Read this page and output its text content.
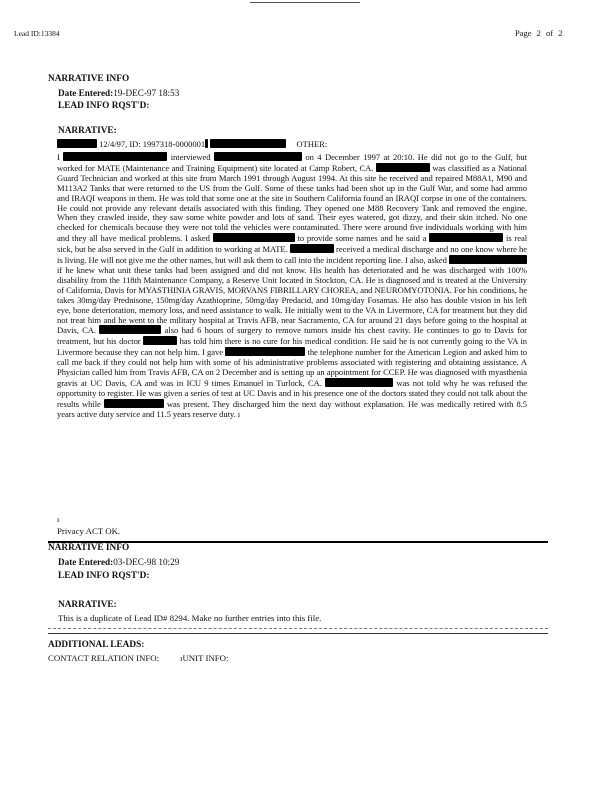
Lead ID:13384	Page 2 of 2
NARRATIVE INFO
Date Entered:19-DEC-97 18:53
LEAD INFO RQST'D:
NARRATIVE:
12/4/97, ID: 1997318-0000001	OTHER:
I	interviewed	on 4 December 1997 at 20:10. He did not go to the Gulf, but worked for MATE (Maintenance and Training Equipment) site located at Camp Robert, CA.	was classified as a National Guard Technician and worked at this site from March 1991 through August 1994. At this site he received and repaired M88A1, M90 and M113A2 Tanks that were returned to the US from the Gulf. Some of these tanks had been shot up in the Gulf War, and some had ammo and IRAQI weapons in them. He was told that some one at the site in Southern California found an IRAQI corpse in one of the containers. He could not provide any relevant details associated with this finding. They opened one M88 Recovery Tank and removed the engine. When they crawled inside, they saw some white powder and lots of sand. Their eyes watered, got dizzy, and their skin itched. No one checked for chemicals because they were not told the vehicles were contaminated. There were around five individuals working with him and they all have medical problems. I asked	to provide some names and he said a	is real sick, but he also served in the Gulf in addition to working at MATE.	received a medical discharge and no one know where he is living. He will not give me the other names, but will ask them to call into the incident reporting line. I also, asked  if he knew what unit these tanks had been assigned and did not know. His health has deteriorated and he was discharged with 100% disability from the 118th Maintenance Company, a Reserve Unit located in Stockton, CA. He is diagnosed and is treated at the University of California, Davis for MYASTHINIA GRAVIS, MORVANS FIBRILLARY CHOREA, and NEUROMYOTONIA. For his conditions, he takes 30mg/day Prednisone, 150mg/day Azathioprine, 50mg/day Predacid, and 10mg/day Fosamas. He also has double vision in his left eye, bone deterioration, memory loss, and need assistance to walk. He initially went to the VA in Livermore, CA for treatment but they did not treat him and he went to the military hospital at Travis AFB, near Sacramento, CA for around 21 days before going to the hospital at Davis, CA.	also had 6 hours of surgery to remove tumors inside his chest cavity. He continues to go to Davis for treatment, but his doctor	has told him there is no cure for his medical condition. He said he is not currently going to the VA in Livermore because they can not help him. I gave	the telephone number for the American Legion and asked him to call me back if they could not help him with some of his administrative problems associated with registering and obtaining assistance. A Physician called him from Travis AFB, CA on 2 December and is setting up an appointment for CCEP. He was diagnosed with myasthenia gravis at UC Davis, CA and was in ICU 9 times Emanuel in Turlock, CA.	was not told why he was refused the opportunity to register. He was given a series of test at UC Davis and in his presence one of the doctors stated they could not talk about the results while	was present. They discharged him the next day without explanation. He was medically retired with 8.5 years active duty service and 11.5 years reserve duty. ı
ı
Privacy ACT OK.
NARRATIVE INFO
Date Entered:03-DEC-98 10:29
LEAD INFO RQST'D:
NARRATIVE:
This is a duplicate of Lead ID# 8294. Make no further entries into this file.
ADDITIONAL LEADS:
CONTACT RELATION INFO: ıUNIT INFO:
